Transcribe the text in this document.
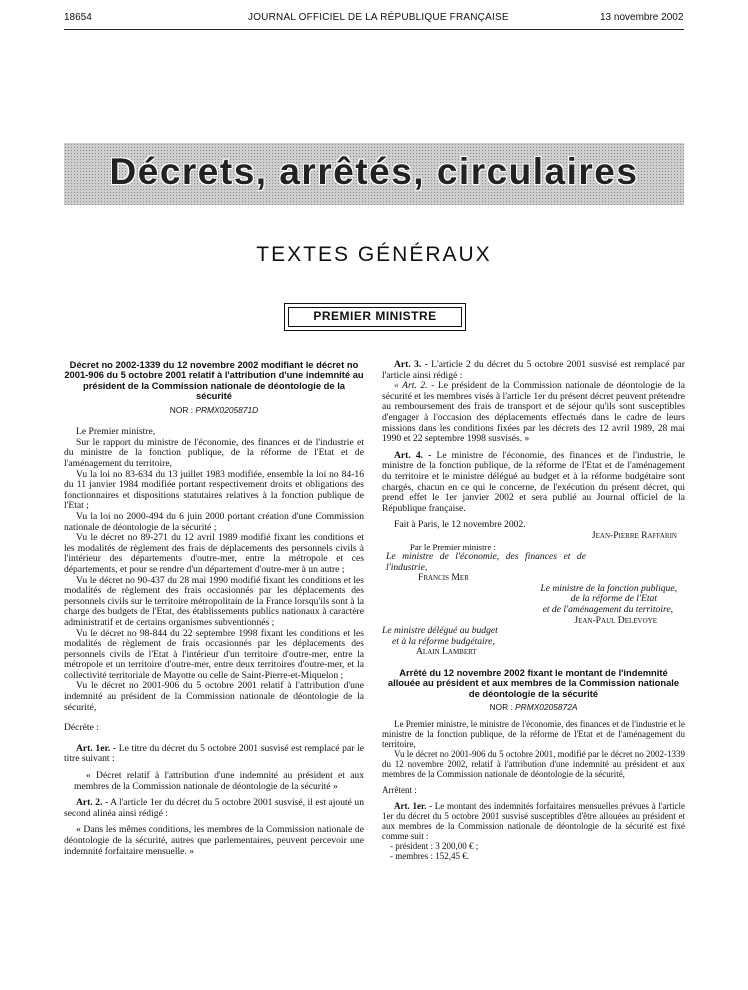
18654	JOURNAL OFFICIEL DE LA RÉPUBLIQUE FRANÇAISE	13 novembre 2002
Décrets, arrêtés, circulaires
TEXTES GÉNÉRAUX
PREMIER MINISTRE
Décret no 2002-1339 du 12 novembre 2002 modifiant le décret no 2001-906 du 5 octobre 2001 relatif à l'attribution d'une indemnité au président de la Commission nationale de déontologie de la sécurité
NOR : PRMX0205871D

Le Premier ministre,

Sur le rapport du ministre de l'économie, des finances et de l'industrie et du ministre de la fonction publique, de la réforme de l'Etat et de l'aménagement du territoire,

Vu la loi no 83-634 du 13 juillet 1983 modifiée, ensemble la loi no 84-16 du 11 janvier 1984 modifiée portant respectivement droits et obligations des fonctionnaires et dispositions statutaires relatives à la fonction publique de l'Etat ;

Vu la loi no 2000-494 du 6 juin 2000 portant création d'une Commission nationale de déontologie de la sécurité ;

Vu le décret no 89-271 du 12 avril 1989 modifié fixant les conditions et les modalités de règlement des frais de déplacements des personnels civils à l'intérieur des départements d'outre-mer, entre la métropole et ces départements, et pour se rendre d'un département d'outre-mer à un autre ;

Vu le décret no 90-437 du 28 mai 1990 modifié fixant les conditions et les modalités de règlement des frais occasionnés par les déplacements des personnels civils sur le territoire métropolitain de la France lorsqu'ils sont à la charge des budgets de l'Etat, des établissements publics nationaux à caractère administratif et de certains organismes subventionnés ;

Vu le décret no 98-844 du 22 septembre 1998 fixant les conditions et les modalités de règlement de frais occasionnés par les déplacements des personnels civils de l'Etat à l'intérieur d'un territoire d'outre-mer, entre la métropole et un territoire d'outre-mer, entre deux territoires d'outre-mer, et la collectivité territoriale de Mayotte ou celle de Saint-Pierre-et-Miquelon ;

Vu le décret no 2001-906 du 5 octobre 2001 relatif à l'attribution d'une indemnité au président de la Commission nationale de déontologie de la sécurité,

Décrète :

Art. 1er. - Le titre du décret du 5 octobre 2001 susvisé est remplacé par le titre suivant :

« Décret relatif à l'attribution d'une indemnité au président et aux membres de la Commission nationale de déontologie de la sécurité »

Art. 2. - A l'article 1er du décret du 5 octobre 2001 susvisé, il est ajouté un second alinéa ainsi rédigé :

« Dans les mêmes conditions, les membres de la Commission nationale de déontologie de la sécurité, autres que parlementaires, peuvent percevoir une indemnité forfaitaire mensuelle. »

Art. 3. - L'article 2 du décret du 5 octobre 2001 susvisé est remplacé par l'article ainsi rédigé :

« Art. 2. - Le président de la Commission nationale de déontologie de la sécurité et les membres visés à l'article 1er du présent décret peuvent prétendre au remboursement des frais de transport et de séjour qu'ils sont susceptibles d'engager à l'occasion des déplacements effectués dans le cadre de leurs missions dans les conditions fixées par les décrets des 12 avril 1989, 28 mai 1990 et 22 septembre 1998 susvisés. »

Art. 4. - Le ministre de l'économie, des finances et de l'industrie, le ministre de la fonction publique, de la réforme de l'Etat et de l'aménagement du territoire et le ministre délégué au budget et à la réforme budgétaire sont chargés, chacun en ce qui le concerne, de l'exécution du présent décret, qui prend effet le 1er janvier 2002 et sera publié au Journal officiel de la République française.

Fait à Paris, le 12 novembre 2002.

Jean-Pierre Raffarin

Par le Premier ministre :

Le ministre de l'économie, des finances et de l'industrie,

Francis Mer

Le ministre de la fonction publique,

de la réforme de l'Etat

et de l'aménagement du territoire,

Jean-Paul Delevoye

Le ministre délégué au budget

et à la réforme budgétaire,

Alain Lambert

Arrêté du 12 novembre 2002 fixant le montant de l'indemnité allouée au président et aux membres de la Commission nationale de déontologie de la sécurité
NOR : PRMX0205872A

Le Premier ministre, le ministre de l'économie, des finances et de l'industrie et le ministre de la fonction publique, de la réforme de l'Etat et de l'aménagement du territoire,

Vu le décret no 2001-906 du 5 octobre 2001, modifié par le décret no 2002-1339 du 12 novembre 2002, relatif à l'attribution d'une indemnité au président et aux membres de la Commission nationale de déontologie de la sécurité,

Arrêtent :

Art. 1er. - Le montant des indemnités forfaitaires mensuelles prévues à l'article 1er du décret du 5 octobre 2001 susvisé susceptibles d'être allouées au président et aux membres de la Commission nationale de déontologie de la sécurité est fixé comme suit :

- président : 3 200,00 € ;

- membres : 152,45 €.
